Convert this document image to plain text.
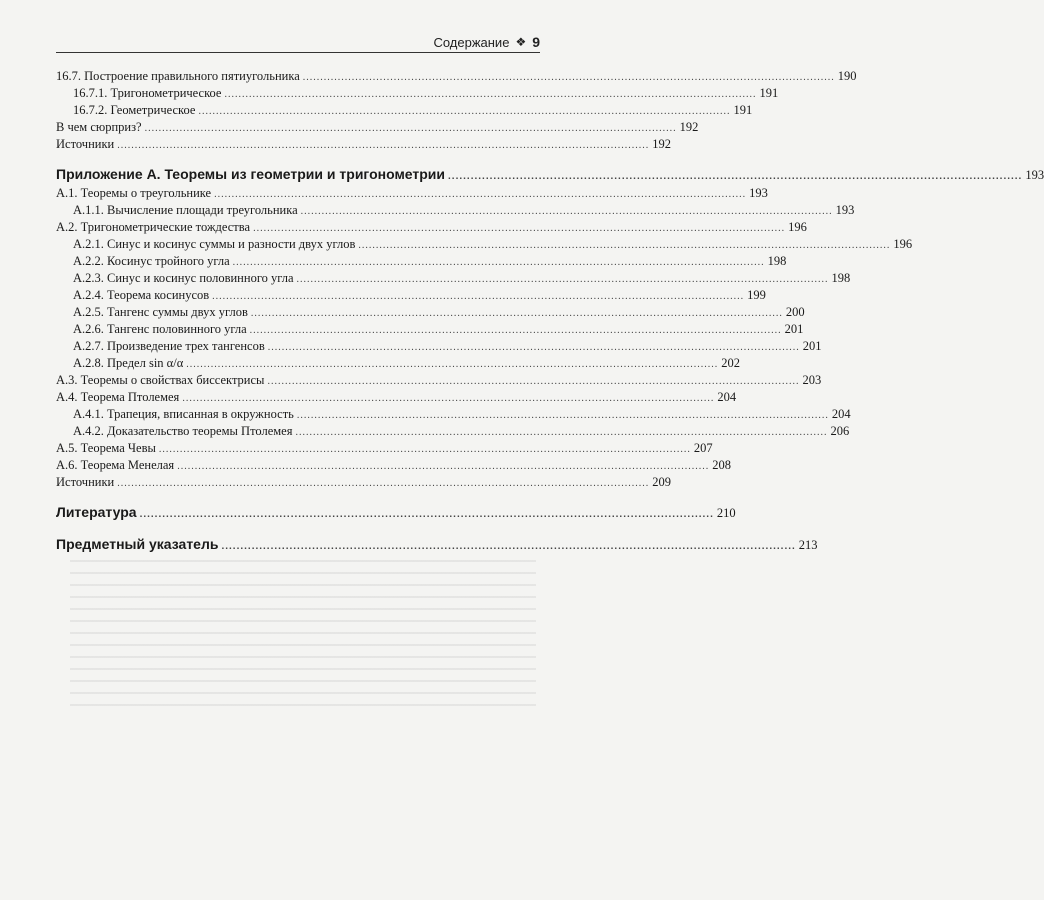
Содержание ❖ 9
16.7. Построение правильного пятиугольника ........................................................................................................................................................ 190
16.7.1. Тригонометрическое ........................................................................................................................................................ 191
16.7.2. Геометрическое ........................................................................................................................................................ 191
В чем сюрприз? ........................................................................................................................................................ 192
Источники ........................................................................................................................................................ 192
Приложение А. Теоремы из геометрии и тригонометрии ........................................................................................................................................................ 193
А.1. Теоремы о треугольнике ........................................................................................................................................................ 193
А.1.1. Вычисление площади треугольника ........................................................................................................................................................ 193
А.2. Тригонометрические тождества ........................................................................................................................................................ 196
А.2.1. Синус и косинус суммы и разности двух углов ........................................................................................................................................................ 196
А.2.2. Косинус тройного угла ........................................................................................................................................................ 198
А.2.3. Синус и косинус половинного угла ........................................................................................................................................................ 198
А.2.4. Теорема косинусов ........................................................................................................................................................ 199
А.2.5. Тангенс суммы двух углов ........................................................................................................................................................ 200
А.2.6. Тангенс половинного угла ........................................................................................................................................................ 201
А.2.7. Произведение трех тангенсов ........................................................................................................................................................ 201
А.2.8. Предел sin α/α ........................................................................................................................................................ 202
А.3. Теоремы о свойствах биссектрисы ........................................................................................................................................................ 203
А.4. Теорема Птолемея ........................................................................................................................................................ 204
А.4.1. Трапеция, вписанная в окружность ........................................................................................................................................................ 204
А.4.2. Доказательство теоремы Птолемея ........................................................................................................................................................ 206
А.5. Теорема Чевы ........................................................................................................................................................ 207
А.6. Теорема Менелая ........................................................................................................................................................ 208
Источники ........................................................................................................................................................ 209
Литература ........................................................................................................................................................ 210
Предметный указатель ........................................................................................................................................................ 213
